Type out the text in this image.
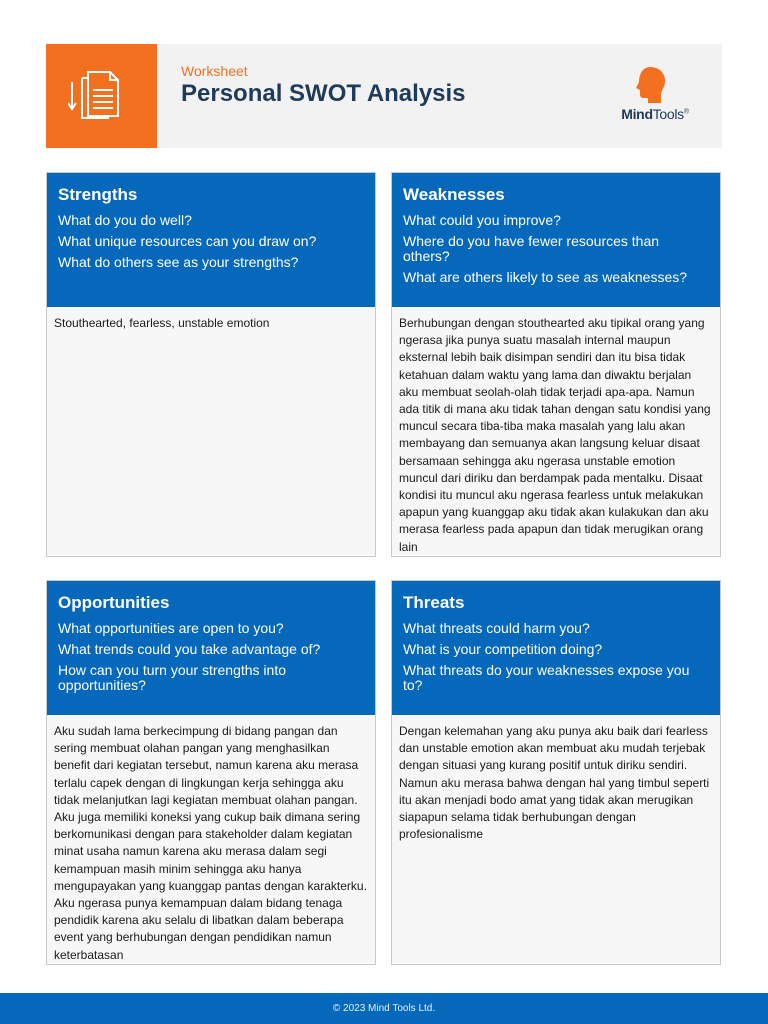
Worksheet
Personal SWOT Analysis
MindTools®
Strengths
What do you do well?
What unique resources can you draw on?
What do others see as your strengths?
Stouthearted, fearless, unstable emotion
Weaknesses
What could you improve?
Where do you have fewer resources than others?
What are others likely to see as weaknesses?
Berhubungan dengan stouthearted aku tipikal orang yang ngerasa jika punya suatu masalah internal maupun eksternal lebih baik disimpan sendiri dan itu bisa tidak ketahuan dalam waktu yang lama dan diwaktu berjalan aku membuat seolah-olah tidak terjadi apa-apa. Namun ada titik di mana aku tidak tahan dengan satu kondisi yang muncul secara tiba-tiba maka masalah yang lalu akan membayang dan semuanya akan langsung keluar disaat bersamaan sehingga aku ngerasa unstable emotion muncul dari diriku dan berdampak pada mentalku. Disaat kondisi itu muncul aku ngerasa fearless untuk melakukan apapun yang kuanggap aku tidak akan kulakukan dan aku merasa fearless pada apapun dan tidak merugikan orang lain
Opportunities
What opportunities are open to you?
What trends could you take advantage of?
How can you turn your strengths into opportunities?
Aku sudah lama berkecimpung di bidang pangan dan sering membuat olahan pangan yang menghasilkan benefit dari kegiatan tersebut, namun karena aku merasa terlalu capek dengan di lingkungan kerja sehingga aku tidak melanjutkan lagi kegiatan membuat olahan pangan. Aku juga memiliki koneksi yang cukup baik dimana sering berkomunikasi dengan para stakeholder dalam kegiatan minat usaha namun karena aku merasa dalam segi kemampuan masih minim sehingga aku hanya mengupayakan yang kuanggap pantas dengan karakterku. Aku ngerasa punya kemampuan dalam bidang tenaga pendidik karena aku selalu di libatkan dalam beberapa event yang berhubungan dengan pendidikan namun keterbatasan
Threats
What threats could harm you?
What is your competition doing?
What threats do your weaknesses expose you to?
Dengan kelemahan yang aku punya aku baik dari fearless dan unstable emotion akan membuat aku mudah terjebak dengan situasi yang kurang positif untuk diriku sendiri. Namun aku merasa bahwa dengan hal yang timbul seperti itu akan menjadi bodo amat yang tidak akan merugikan siapapun selama tidak berhubungan dengan profesionalisme
© 2023 Mind Tools Ltd.
